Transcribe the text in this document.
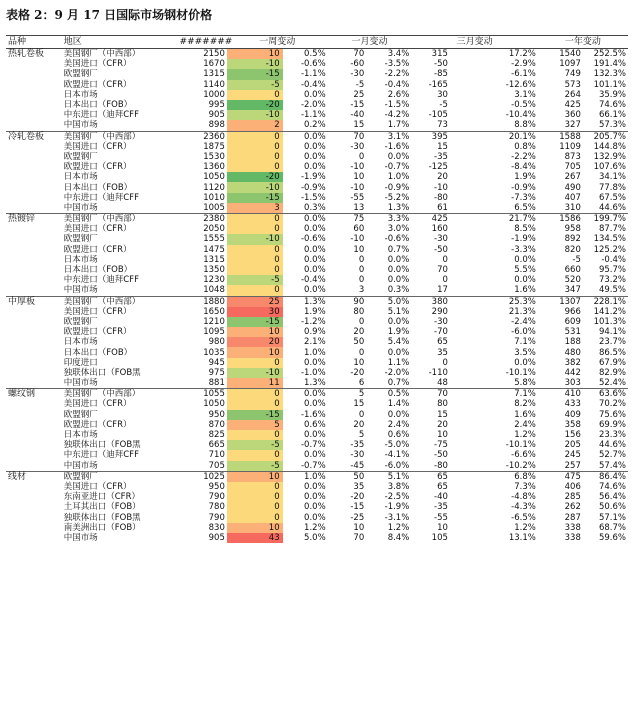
表格 2：9 月 17 日国际市场钢材价格
品种	地区	#######	一周变动		一月变动		三月变动		一年变动	
热轧卷板	美国钢厂（中西部）	2150	10	0.5%	70	3.4%	315	17.2%	1540	252.5%
	美国进口（CFR）	1670	-10	-0.6%	-60	-3.5%	-50	-2.9%	1097	191.4%
	欧盟钢厂	1315	-15	-1.1%	-30	-2.2%	-85	-6.1%	749	132.3%
	欧盟进口（CFR）	1140	-5	-0.4%	-5	-0.4%	-165	-12.6%	573	101.1%
	日本市场	1000	0	0.0%	25	2.6%	30	3.1%	264	35.9%
	日本出口（FOB）	995	-20	-2.0%	-15	-1.5%	-5	-0.5%	425	74.6%
	中东进口（迪拜CFF	905	-10	-1.1%	-40	-4.2%	-105	-10.4%	360	66.1%
	中国市场	898	2	0.2%	15	1.7%	73	8.8%	327	57.3%
冷轧卷板	美国钢厂（中西部）	2360	0	0.0%	70	3.1%	395	20.1%	1588	205.7%
	美国进口（CFR）	1875	0	0.0%	-30	-1.6%	15	0.8%	1109	144.8%
	欧盟钢厂	1530	0	0.0%	0	0.0%	-35	-2.2%	873	132.9%
	欧盟进口（CFR）	1360	0	0.0%	-10	-0.7%	-125	-8.4%	705	107.6%
	日本市场	1050	-20	-1.9%	10	1.0%	20	1.9%	267	34.1%
	日本出口（FOB）	1120	-10	-0.9%	-10	-0.9%	-10	-0.9%	490	77.8%
	中东进口（迪拜CFF	1010	-15	-1.5%	-55	-5.2%	-80	-7.3%	407	67.5%
	中国市场	1005	3	0.3%	13	1.3%	61	6.5%	310	44.6%
热镀锌	美国钢厂（中西部）	2380	0	0.0%	75	3.3%	425	21.7%	1586	199.7%
	美国进口（CFR）	2050	0	0.0%	60	3.0%	160	8.5%	958	87.7%
	欧盟钢厂	1555	-10	-0.6%	-10	-0.6%	-30	-1.9%	892	134.5%
	欧盟进口（CFR）	1475	0	0.0%	10	0.7%	-50	-3.3%	820	125.2%
	日本市场	1315	0	0.0%	0	0.0%	0	0.0%	-5	-0.4%
	日本出口（FOB）	1350	0	0.0%	0	0.0%	70	5.5%	660	95.7%
	中东进口（迪拜CFF	1230	-5	-0.4%	0	0.0%	0	0.0%	520	73.2%
	中国市场	1048	0	0.0%	3	0.3%	17	1.6%	347	49.5%
中厚板	美国钢厂（中西部）	1880	25	1.3%	90	5.0%	380	25.3%	1307	228.1%
	美国进口（CFR）	1650	30	1.9%	80	5.1%	290	21.3%	966	141.2%
	欧盟钢厂	1210	-15	-1.2%	0	0.0%	-30	-2.4%	609	101.3%
	欧盟进口（CFR）	1095	10	0.9%	20	1.9%	-70	-6.0%	531	94.1%
	日本市场	980	20	2.1%	50	5.4%	65	7.1%	188	23.7%
	日本出口（FOB）	1035	10	1.0%	0	0.0%	35	3.5%	480	86.5%
	印度进口	945	0	0.0%	10	1.1%	0	0.0%	382	67.9%
	独联体出口（FOB黑	975	-10	-1.0%	-20	-2.0%	-110	-10.1%	442	82.9%
	中国市场	881	11	1.3%	6	0.7%	48	5.8%	303	52.4%
螺纹钢	美国钢厂（中西部）	1055	0	0.0%	5	0.5%	70	7.1%	410	63.6%
	美国进口（CFR）	1050	0	0.0%	15	1.4%	80	8.2%	433	70.2%
	欧盟钢厂	950	-15	-1.6%	0	0.0%	15	1.6%	409	75.6%
	欧盟进口（CFR）	870	5	0.6%	20	2.4%	20	2.4%	358	69.9%
	日本市场	825	0	0.0%	5	0.6%	10	1.2%	156	23.3%
	独联体出口（FOB黑	665	-5	-0.7%	-35	-5.0%	-75	-10.1%	205	44.6%
	中东进口（迪拜CFF	710	0	0.0%	-30	-4.1%	-50	-6.6%	245	52.7%
	中国市场	705	-5	-0.7%	-45	-6.0%	-80	-10.2%	257	57.4%
线材	欧盟钢厂	1025	10	1.0%	50	5.1%	65	6.8%	475	86.4%
	美国进口（CFR）	950	0	0.0%	35	3.8%	65	7.3%	406	74.6%
	东南亚进口（CFR）	790	0	0.0%	-20	-2.5%	-40	-4.8%	285	56.4%
	土耳其出口（FOB）	780	0	0.0%	-15	-1.9%	-35	-4.3%	262	50.6%
	独联体出口（FOB黑	790	0	0.0%	-25	-3.1%	-55	-6.5%	287	57.1%
	南美洲出口（FOB）	830	10	1.2%	10	1.2%	10	1.2%	338	68.7%
	中国市场	905	43	5.0%	70	8.4%	105	13.1%	338	59.6%
